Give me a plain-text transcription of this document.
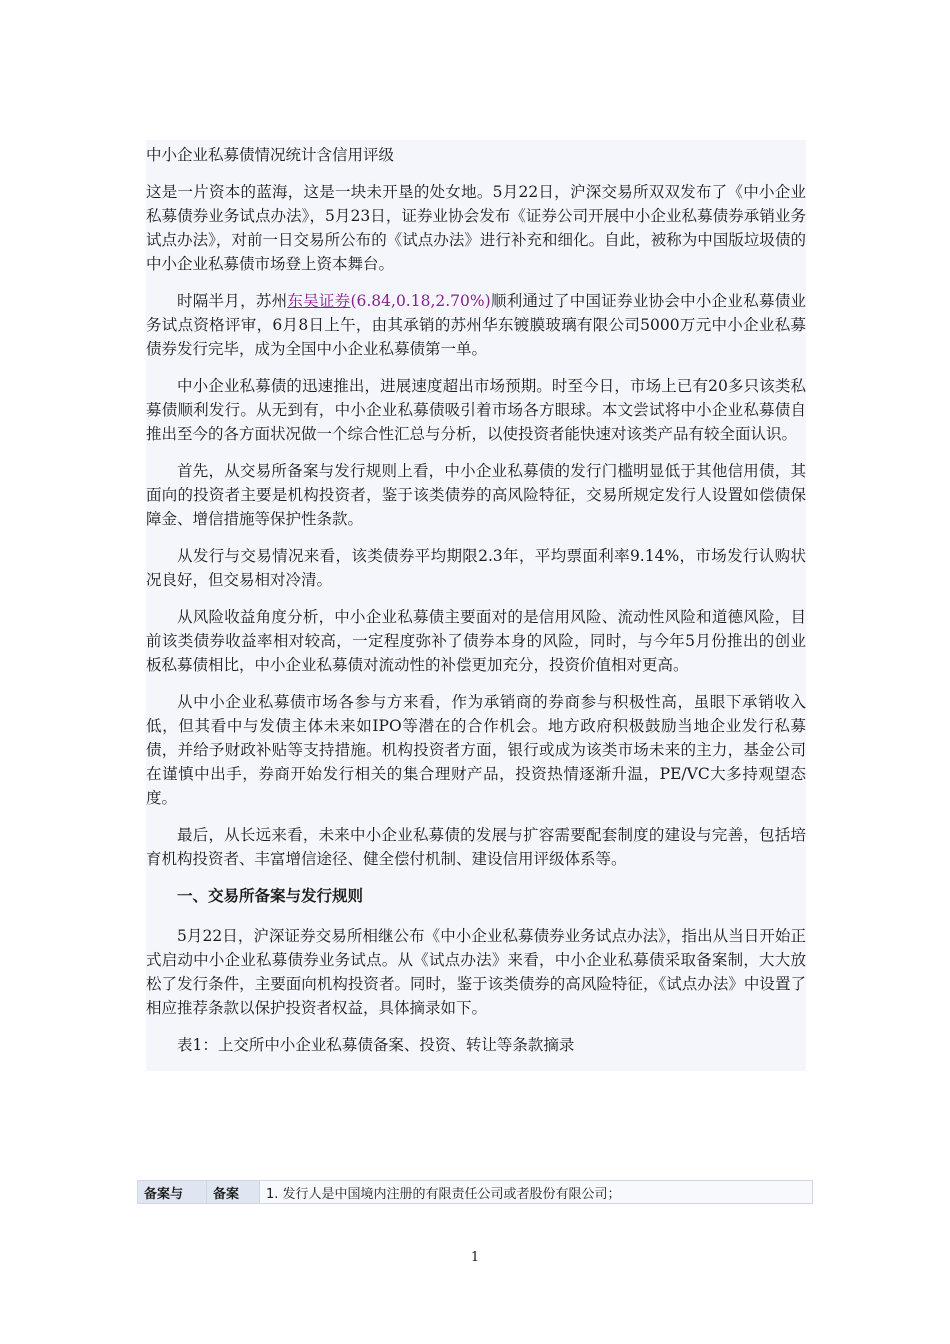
中小企业私募债情况统计含信用评级
这是一片资本的蓝海，这是一块未开垦的处女地。5月22日，沪深交易所双双发布了《中小企业私募债券业务试点办法》，5月23日，证券业协会发布《证券公司开展中小企业私募债券承销业务试点办法》，对前一日交易所公布的《试点办法》进行补充和细化。自此，被称为中国版垃圾债的中小企业私募债市场登上资本舞台。
时隔半月，苏州东吴证券(6.84,0.18,2.70%)顺利通过了中国证券业协会中小企业私募债业务试点资格评审，6月8日上午，由其承销的苏州华东镀膜玻璃有限公司5000万元中小企业私募债券发行完毕，成为全国中小企业私募债第一单。
中小企业私募债的迅速推出，进展速度超出市场预期。时至今日，市场上已有20多只该类私募债顺利发行。从无到有，中小企业私募债吸引着市场各方眼球。本文尝试将中小企业私募债自推出至今的各方面状况做一个综合性汇总与分析，以使投资者能快速对该类产品有较全面认识。
首先，从交易所备案与发行规则上看，中小企业私募债的发行门槛明显低于其他信用债，其面向的投资者主要是机构投资者，鉴于该类债券的高风险特征，交易所规定发行人设置如偿债保障金、增信措施等保护性条款。
从发行与交易情况来看，该类债券平均期限2.3年，平均票面利率9.14%，市场发行认购状况良好，但交易相对冷清。
从风险收益角度分析，中小企业私募债主要面对的是信用风险、流动性风险和道德风险，目前该类债券收益率相对较高，一定程度弥补了债券本身的风险，同时，与今年5月份推出的创业板私募债相比，中小企业私募债对流动性的补偿更加充分，投资价值相对更高。
从中小企业私募债市场各参与方来看，作为承销商的券商参与积极性高，虽眼下承销收入低，但其看中与发债主体未来如IPO等潜在的合作机会。地方政府积极鼓励当地企业发行私募债，并给予财政补贴等支持措施。机构投资者方面，银行或成为该类市场未来的主力，基金公司在谨慎中出手，券商开始发行相关的集合理财产品，投资热情逐渐升温，PE/VC大多持观望态度。
最后，从长远来看，未来中小企业私募债的发展与扩容需要配套制度的建设与完善，包括培育机构投资者、丰富增信途径、健全偿付机制、建设信用评级体系等。
一、交易所备案与发行规则
5月22日，沪深证券交易所相继公布《中小企业私募债券业务试点办法》，指出从当日开始正式启动中小企业私募债券业务试点。从《试点办法》来看，中小企业私募债采取备案制，大大放松了发行条件，主要面向机构投资者。同时，鉴于该类债券的高风险特征，《试点办法》中设置了相应推荐条款以保护投资者权益，具体摘录如下。
表1：上交所中小企业私募债备案、投资、转让等条款摘录
备案与	备案	1. 发行人是中国境内注册的有限责任公司或者股份有限公司；
1
